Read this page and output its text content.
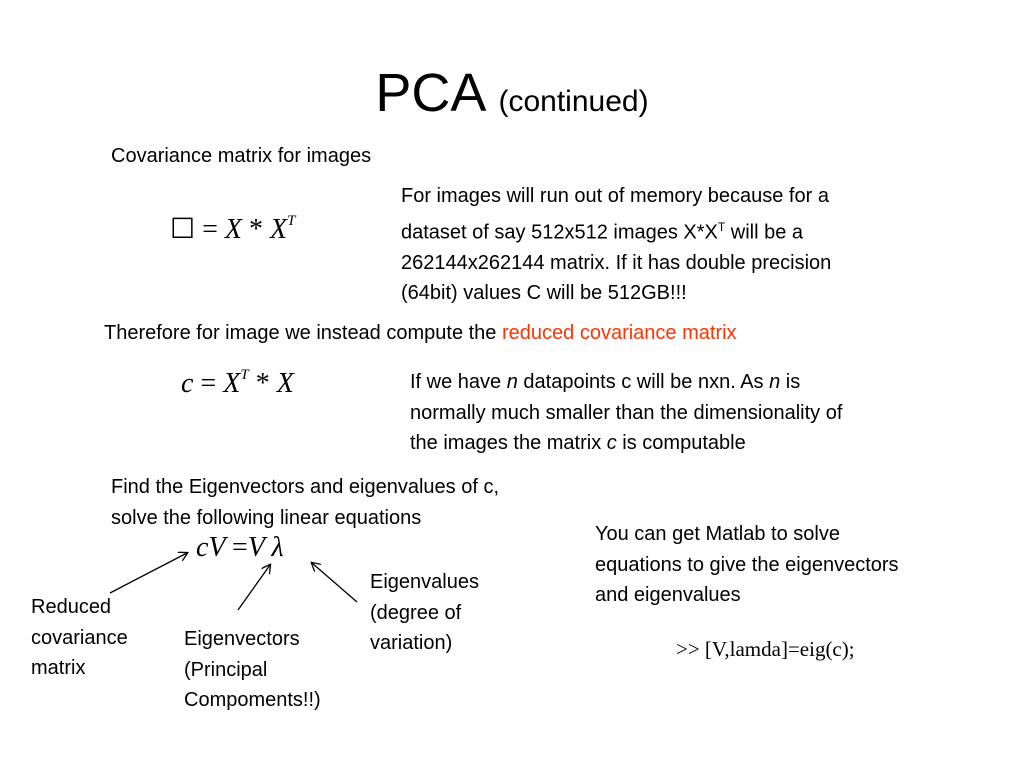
PCA (continued)
Covariance matrix for images
☐ = X * $X^T$
For images will run out of memory because for a
dataset of say 512x512 images $X*X^T$ will be a
262144x262144 matrix. If it has double precision
(64bit) values C will be 512GB!!!
Therefore for image we instead compute the reduced covariance matrix
$c = X^T * X$	If we have n datapoints c will be nxn. As n is
normally much smaller than the dimensionality of
the images the matrix c is computable
Find the Eigenvectors and eigenvalues of c,
solve the following linear equations
cV =V λ
Reduced
covariance
matrix
Eigenvectors
(Principal
Compoments!!)
Eigenvalues
(degree of
variation)
You can get Matlab to solve
equations to give the eigenvectors
and eigenvalues
>> [V,lamda]=eig(c);
